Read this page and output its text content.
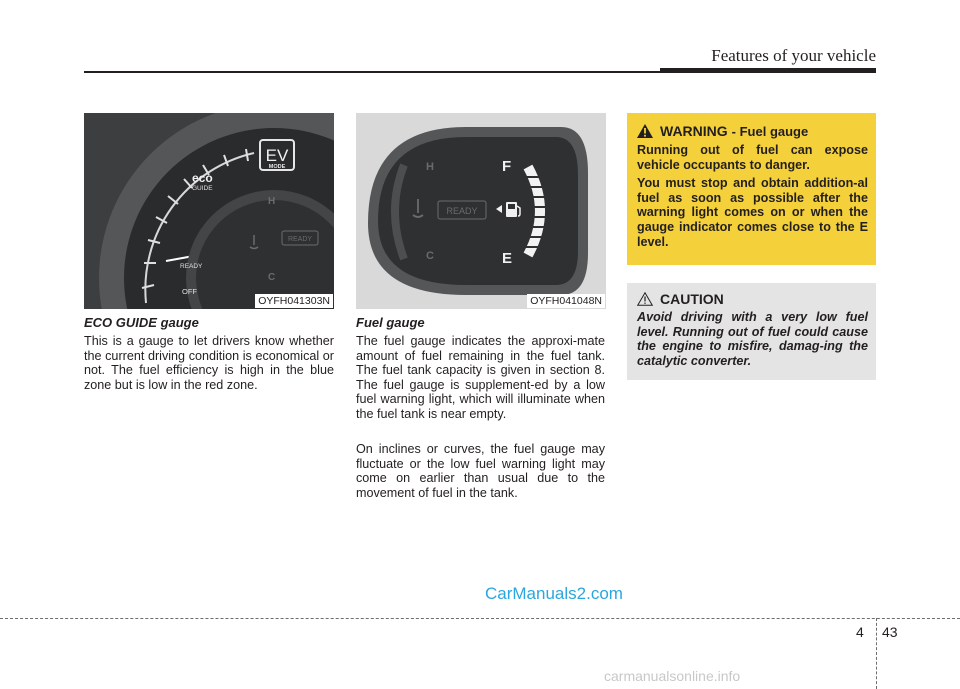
Features of your vehicle
EV
MODE
eco
GUIDE
READY
OFF
H
C
READY
OYFH041303N
H
C
READY
F
E
OYFH041048N
ECO GUIDE gauge

This is a gauge to let drivers know whether the current driving condition is economical or not. The fuel efficiency is high in the blue zone but is low in the red zone.

Fuel gauge

The fuel gauge indicates the approxi-mate amount of fuel remaining in the fuel tank. The fuel tank capacity is given in section 8. The fuel gauge is supplement-ed by a low fuel warning light, which will illuminate when the fuel tank is near empty.

On inclines or curves, the fuel gauge may fluctuate or the low fuel warning light may come on earlier than usual due to the movement of fuel in the tank.

WARNING - Fuel gauge

Running out of fuel can expose vehicle occupants to danger.

You must stop and obtain addition-al fuel as soon as possible after the warning light comes on or when the gauge indicator comes close to the E level.

CAUTION

Avoid driving with a very low fuel level. Running out of fuel could cause the engine to misfire, damag-ing the catalytic converter.

CarManuals2.com
4 43
carmanualsonline.info
